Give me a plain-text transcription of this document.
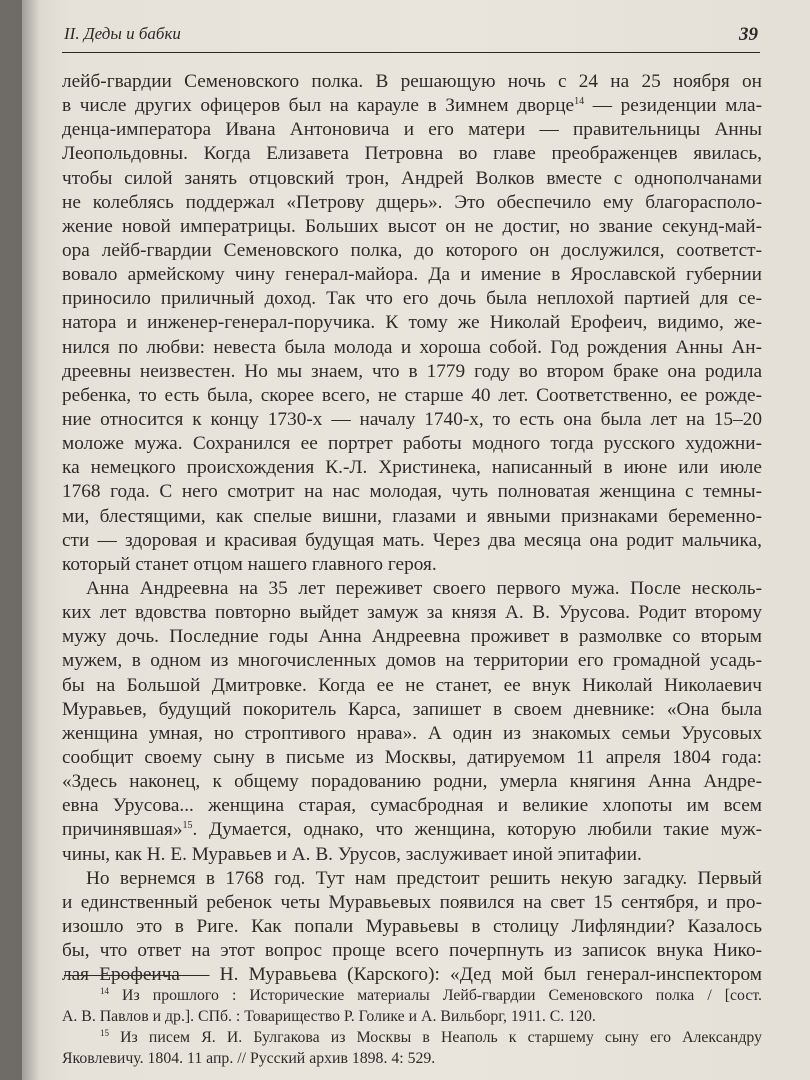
II. Деды и бабки	39
лейб-гвардии Семеновского полка. В решающую ночь с 24 на 25 ноября он
в числе других офицеров был на карауле в Зимнем дворце$^{14}$ — резиденции мла-
денца-императора Ивана Антоновича и его матери — правительницы Анны
Леопольдовны. Когда Елизавета Петровна во главе преображенцев явилась,
чтобы силой занять отцовский трон, Андрей Волков вместе с однополчанами
не колеблясь поддержал «Петрову дщерь». Это обеспечило ему благорасполо-
жение новой императрицы. Больших высот он не достиг, но звание секунд-май-
ора лейб-гвардии Семеновского полка, до которого он дослужился, соответст-
вовало армейскому чину генерал-майора. Да и имение в Ярославской губернии
приносило приличный доход. Так что его дочь была неплохой партией для се-
натора и инженер-генерал-поручика. К тому же Николай Ерофеич, видимо, же-
нился по любви: невеста была молода и хороша собой. Год рождения Анны Ан-
дреевны неизвестен. Но мы знаем, что в 1779 году во втором браке она родила
ребенка, то есть была, скорее всего, не старше 40 лет. Соответственно, ее рожде-
ние относится к концу 1730-х — началу 1740-х, то есть она была лет на 15–20
моложе мужа. Сохранился ее портрет работы модного тогда русского художни-
ка немецкого происхождения К.-Л. Христинека, написанный в июне или июле
1768 года. С него смотрит на нас молодая, чуть полноватая женщина с темны-
ми, блестящими, как спелые вишни, глазами и явными признаками беременно-
сти — здоровая и красивая будущая мать. Через два месяца она родит мальчика,
который станет отцом нашего главного героя.
Анна Андреевна на 35 лет переживет своего первого мужа. После несколь-
ких лет вдовства повторно выйдет замуж за князя А. В. Урусова. Родит второму
мужу дочь. Последние годы Анна Андреевна проживет в размолвке со вторым
мужем, в одном из многочисленных домов на территории его громадной усадь-
бы на Большой Дмитровке. Когда ее не станет, ее внук Николай Николаевич
Муравьев, будущий покоритель Карса, запишет в своем дневнике: «Она была
женщина умная, но строптивого нрава». А один из знакомых семьи Урусовых
сообщит своему сыну в письме из Москвы, датируемом 11 апреля 1804 года:
«Здесь наконец, к общему порадованию родни, умерла княгиня Анна Андре-
евна Урусова... женщина старая, сумасбродная и великие хлопоты им всем
причинявшая»$^{15}$. Думается, однако, что женщина, которую любили такие муж-
чины, как Н. Е. Муравьев и А. В. Урусов, заслуживает иной эпитафии.
Но вернемся в 1768 год. Тут нам предстоит решить некую загадку. Первый
и единственный ребенок четы Муравьевых появился на свет 15 сентября, и про-
изошло это в Риге. Как попали Муравьевы в столицу Лифляндии? Казалось
бы, что ответ на этот вопрос проще всего почерпнуть из записок внука Нико-
лая Ерофеича — Н. Муравьева (Карского): «Дед мой был генерал-инспектором
$^{14}$ Из прошлого : Исторические материалы Лейб-гвардии Семеновского полка / [сост.
А. В. Павлов и др.]. СПб. : Товарищество Р. Голике и А. Вильборг, 1911. С. 120.
$^{15}$ Из писем Я. И. Булгакова из Москвы в Неаполь к старшему сыну его Александру
Яковлевичу. 1804. 11 апр. // Русский архив 1898. 4: 529.
